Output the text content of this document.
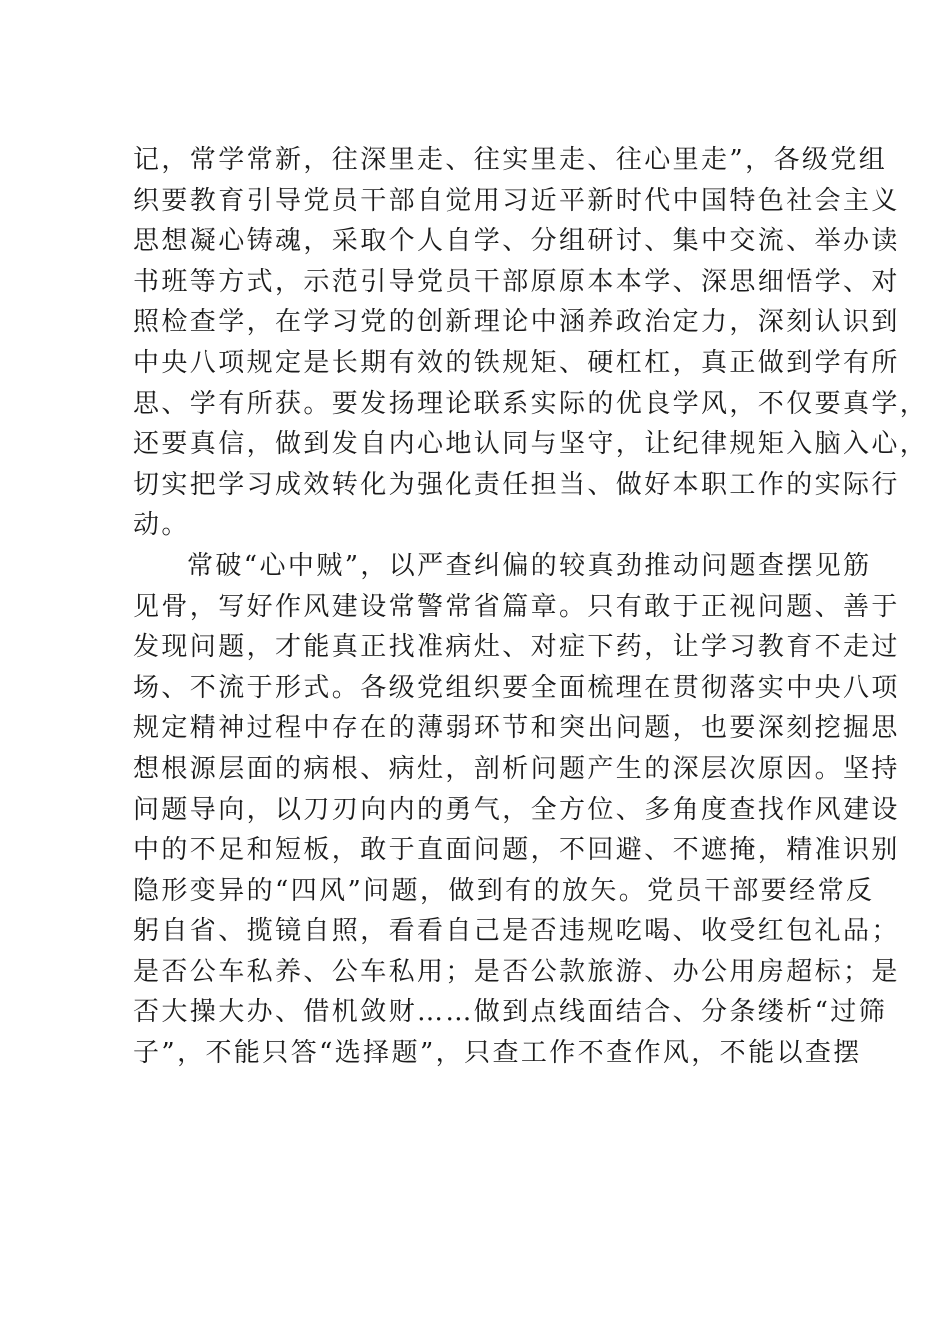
记，常学常新，往深里走、往实里走、往心里走”，各级党组
织要教育引导党员干部自觉用习近平新时代中国特色社会主义
思想凝心铸魂，采取个人自学、分组研讨、集中交流、举办读
书班等方式，示范引导党员干部原原本本学、深思细悟学、对
照检查学，在学习党的创新理论中涵养政治定力，深刻认识到
中央八项规定是长期有效的铁规矩、硬杠杠，真正做到学有所
思、学有所获。要发扬理论联系实际的优良学风，不仅要真学，
还要真信，做到发自内心地认同与坚守，让纪律规矩入脑入心，
切实把学习成效转化为强化责任担当、做好本职工作的实际行
动。
常破“心中贼”，以严查纠偏的较真劲推动问题查摆见筋
见骨，写好作风建设常警常省篇章。只有敢于正视问题、善于
发现问题，才能真正找准病灶、对症下药，让学习教育不走过
场、不流于形式。各级党组织要全面梳理在贯彻落实中央八项
规定精神过程中存在的薄弱环节和突出问题，也要深刻挖掘思
想根源层面的病根、病灶，剖析问题产生的深层次原因。坚持
问题导向，以刀刃向内的勇气，全方位、多角度查找作风建设
中的不足和短板，敢于直面问题，不回避、不遮掩，精准识别
隐形变异的“四风”问题，做到有的放矢。党员干部要经常反
躬自省、揽镜自照，看看自己是否违规吃喝、收受红包礼品；
是否公车私养、公车私用；是否公款旅游、办公用房超标；是
否大操大办、借机敛财……做到点线面结合、分条缕析“过筛
子”，不能只答“选择题”，只查工作不查作风，不能以查摆
